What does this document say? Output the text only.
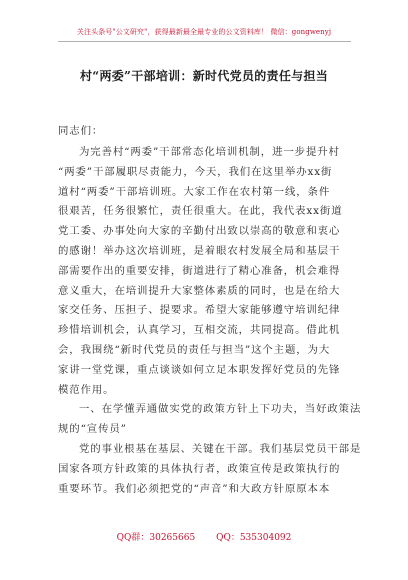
关注头条号"公文研究"，获得最新最全最专业的公文资料库！ 微信：gongwenyj
村“两委”干部培训：新时代党员的责任与担当
同志们：
为完善村“两委”干部常态化培训机制，进一步提升村
“两委”干部履职尽责能力，今天，我们在这里举办xx街
道村“两委”干部培训班。大家工作在农村第一线，条件
很艰苦，任务很繁忙，责任很重大。在此，我代表xx街道
党工委、办事处向大家的辛勤付出致以崇高的敬意和衷心
的感谢！举办这次培训班，是着眼农村发展全局和基层干
部需要作出的重要安排，街道进行了精心准备，机会难得
意义重大，在培训提升大家整体素质的同时，也是在给大
家交任务、压担子、提要求。希望大家能够遵守培训纪律
珍惜培训机会，认真学习，互相交流，共同提高。借此机
会，我围绕“新时代党员的责任与担当”这个主题，为大
家讲一堂党课，重点谈谈如何立足本职发挥好党员的先锋
模范作用。
一、在学懂弄通做实党的政策方针上下功夫，当好政策法
规的“宣传员”
党的事业根基在基层、关键在干部。我们基层党员干部是
国家各项方针政策的具体执行者，政策宣传是政策执行的
重要环节。我们必须把党的“声音”和大政方针原原本本
QQ群：30265665 QQ：535304092
